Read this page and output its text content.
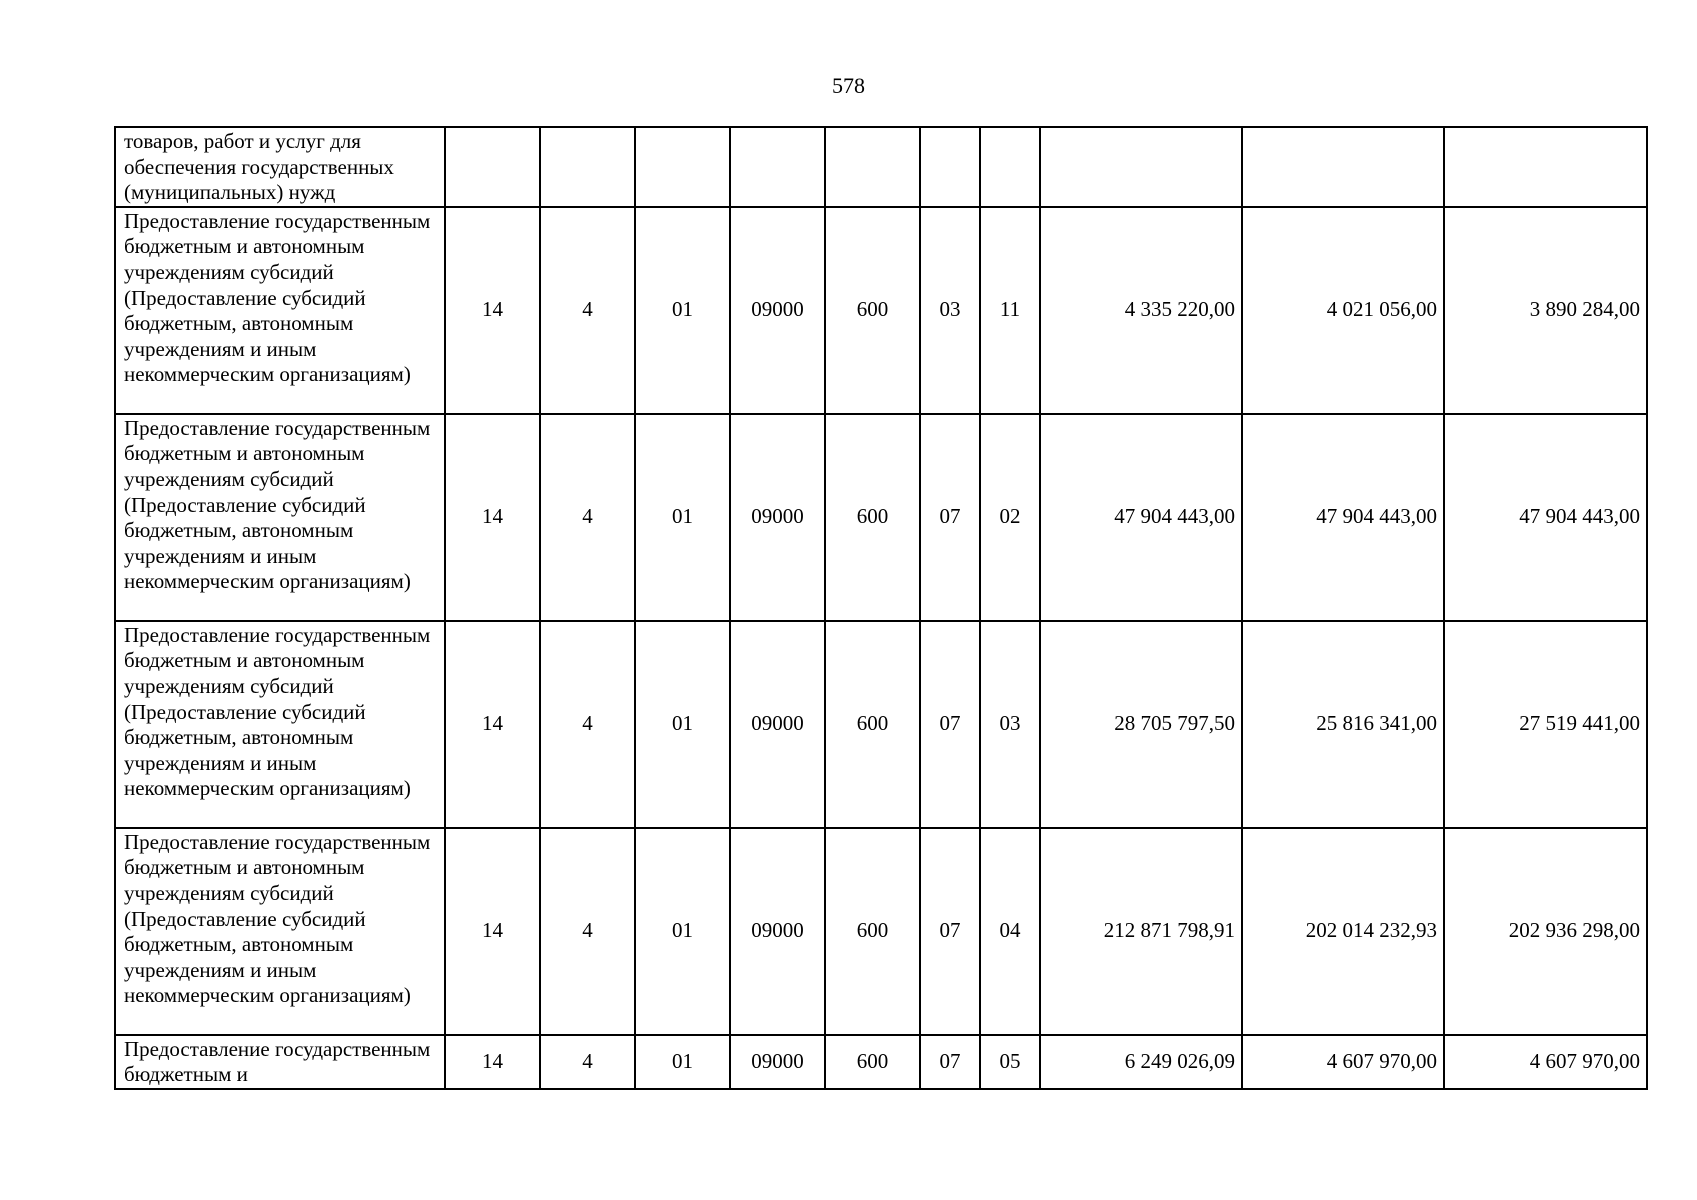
578
товаров, работ и услуг для обеспечения государственных (муниципальных) нужд										
Предоставление государственным бюджетным и автономным учреждениям субсидий (Предоставление субсидий бюджетным, автономным учреждениям и иным некоммерческим организациям)	14	4	01	09000	600	03	11	4 335 220,00	4 021 056,00	3 890 284,00
Предоставление государственным бюджетным и автономным учреждениям субсидий (Предоставление субсидий бюджетным, автономным учреждениям и иным некоммерческим организациям)	14	4	01	09000	600	07	02	47 904 443,00	47 904 443,00	47 904 443,00
Предоставление государственным бюджетным и автономным учреждениям субсидий (Предоставление субсидий бюджетным, автономным учреждениям и иным некоммерческим организациям)	14	4	01	09000	600	07	03	28 705 797,50	25 816 341,00	27 519 441,00
Предоставление государственным бюджетным и автономным учреждениям субсидий (Предоставление субсидий бюджетным, автономным учреждениям и иным некоммерческим организациям)	14	4	01	09000	600	07	04	212 871 798,91	202 014 232,93	202 936 298,00
Предоставление государственным бюджетным и	14	4	01	09000	600	07	05	6 249 026,09	4 607 970,00	4 607 970,00
